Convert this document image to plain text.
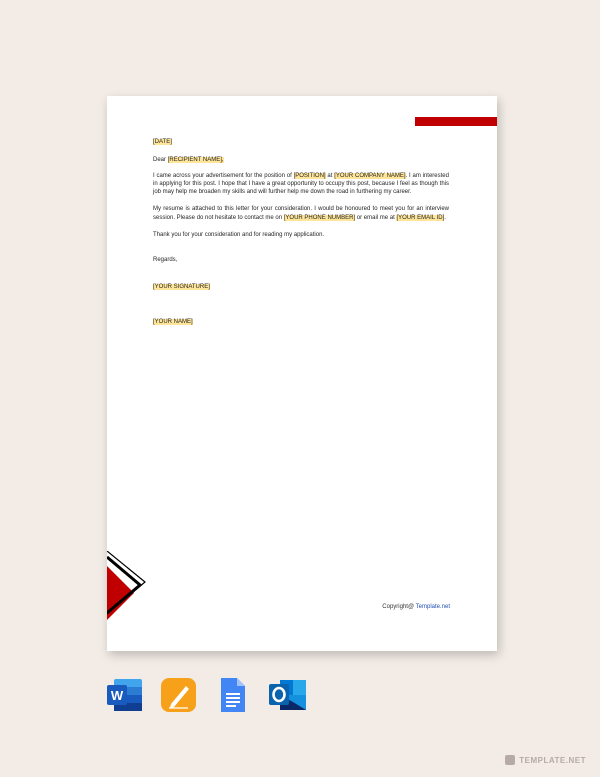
[DATE]

Dear [RECIPIENT NAME],

I came across your advertisement for the position of [POSITION] at [YOUR COMPANY NAME]. I am interested in applying for this post. I hope that I have a great opportunity to occupy this post, because I feel as though this job may help me broaden my skills and will further help me down the road in furthering my career.

My resume is attached to this letter for your consideration. I would be honoured to meet you for an interview session. Please do not hesitate to contact me on [YOUR PHONE NUMBER] or email me at [YOUR EMAIL ID].

Thank you for your consideration and for reading my application.

Regards,

[YOUR SIGNATURE]

[YOUR NAME]

Copyright@ Template.net
W
TEMPLATE.NET
